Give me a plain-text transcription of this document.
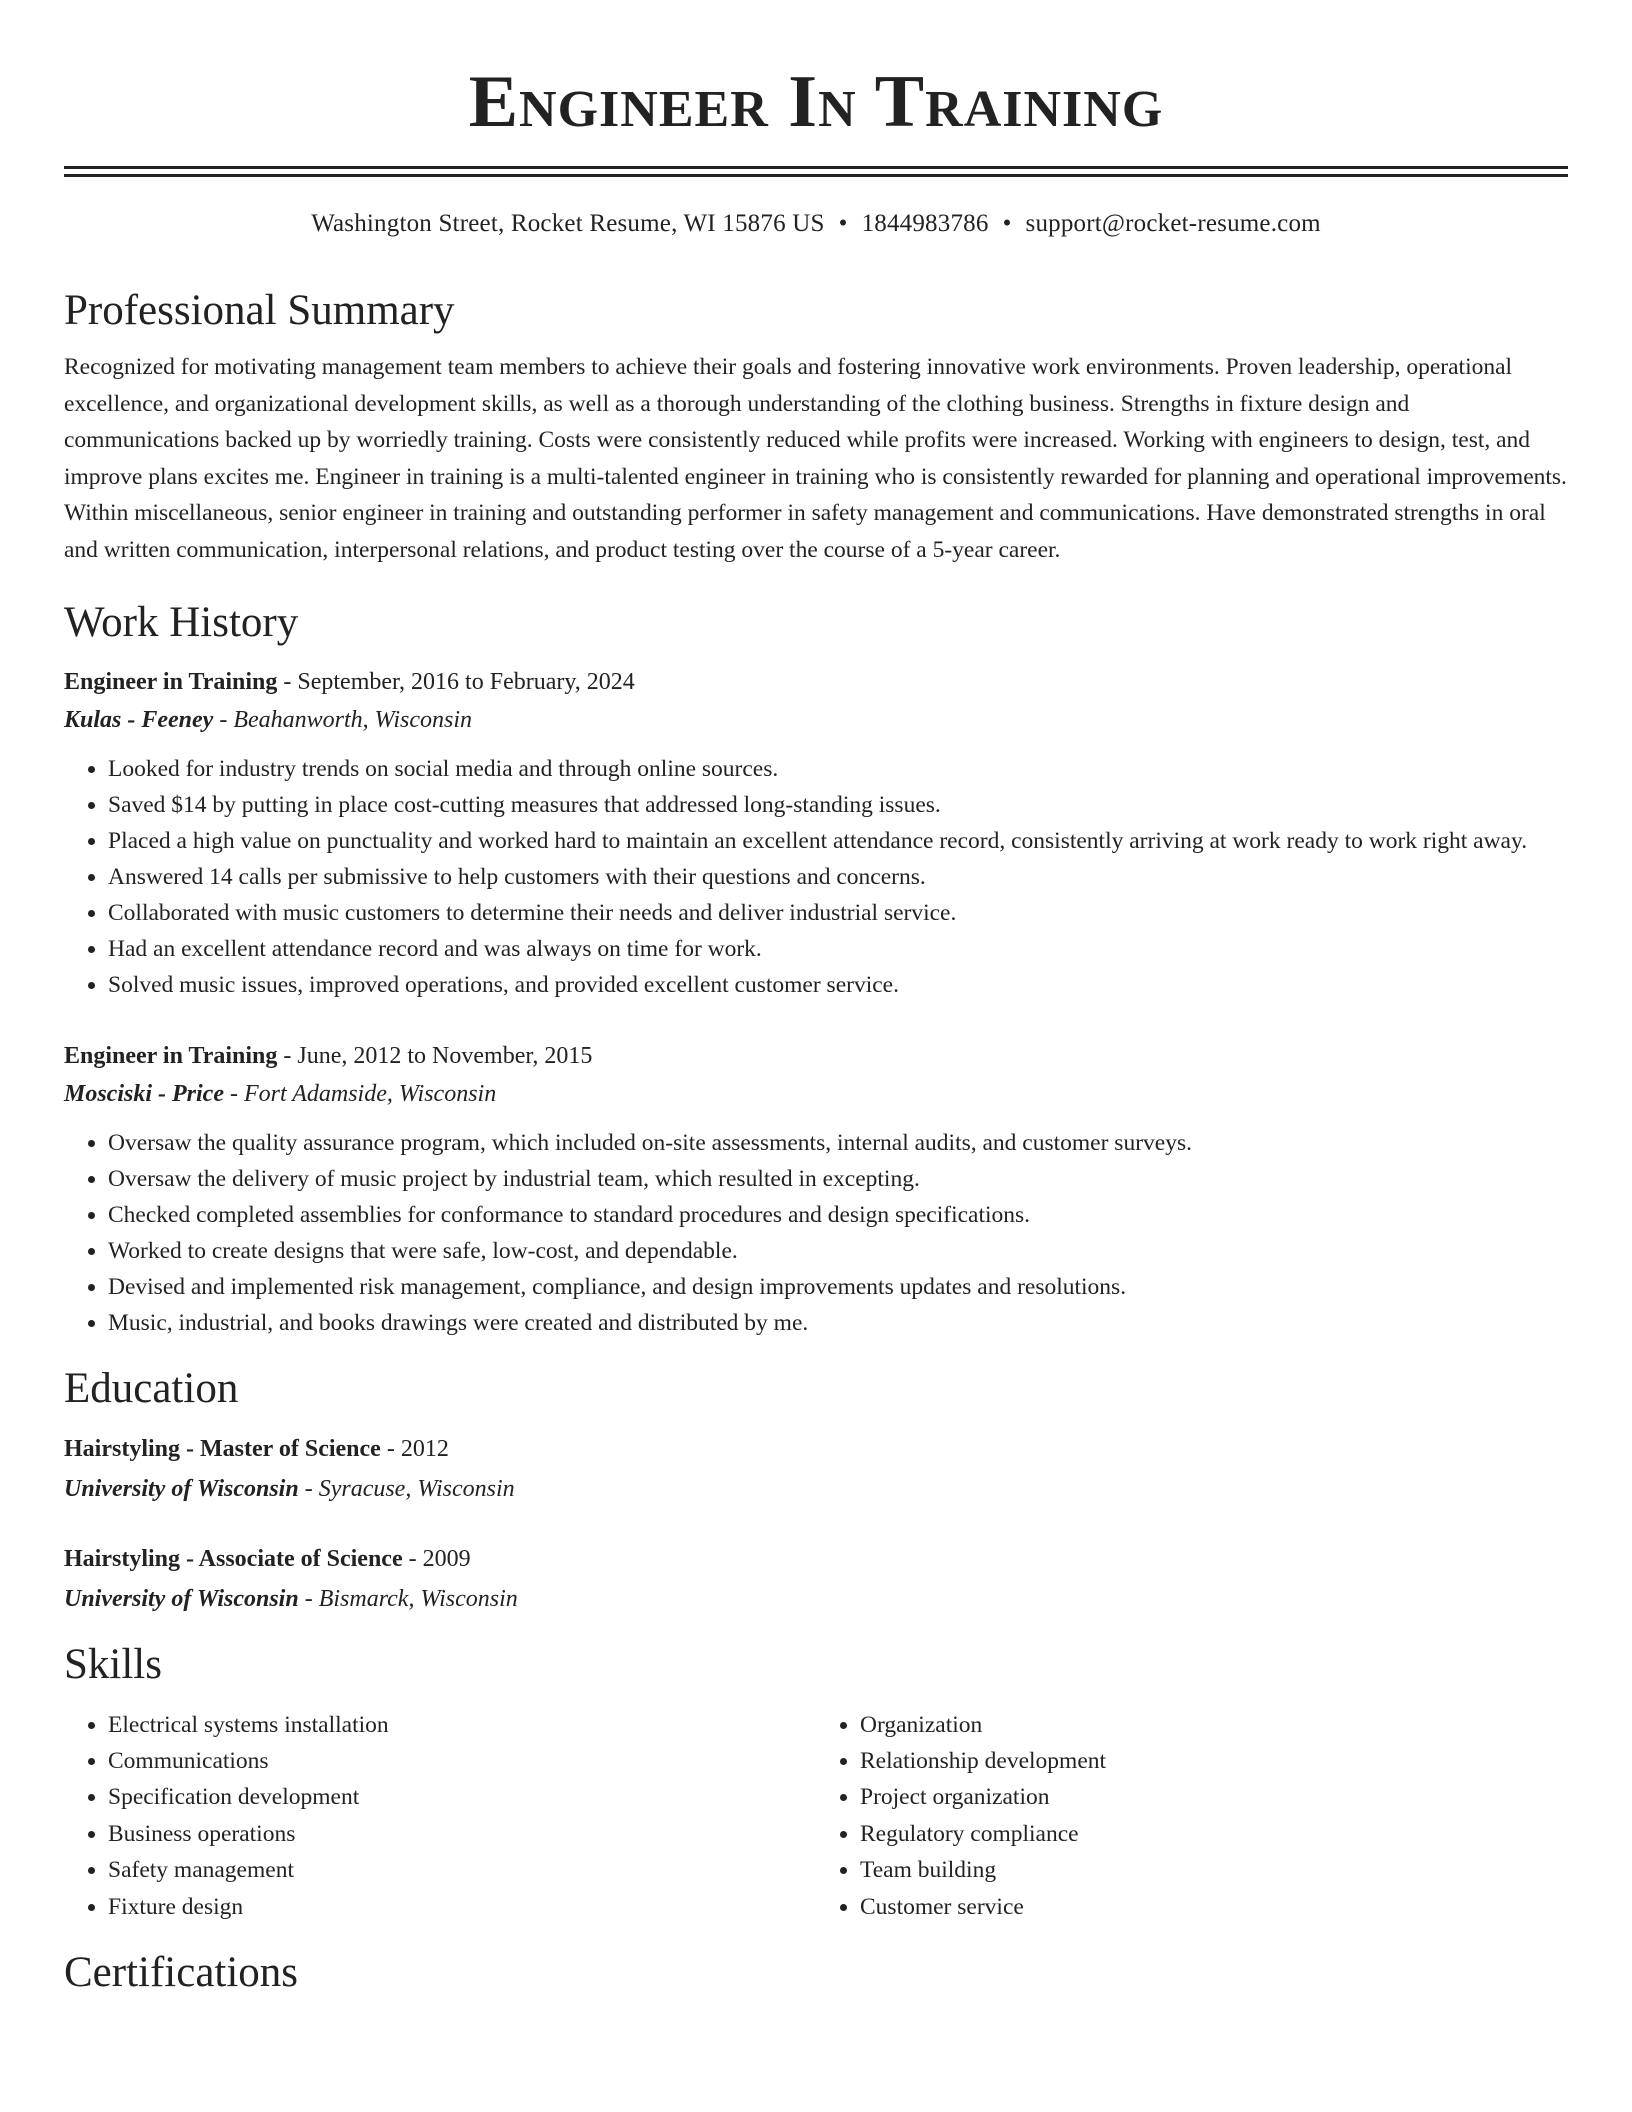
Engineer In Training
Washington Street, Rocket Resume, WI 15876 US • 1844983786 • support@rocket-resume.com
Professional Summary

Recognized for motivating management team members to achieve their goals and fostering innovative work environments. Proven leadership, operational excellence, and organizational development skills, as well as a thorough understanding of the clothing business. Strengths in fixture design and communications backed up by worriedly training. Costs were consistently reduced while profits were increased. Working with engineers to design, test, and improve plans excites me. Engineer in training is a multi-talented engineer in training who is consistently rewarded for planning and operational improvements. Within miscellaneous, senior engineer in training and outstanding performer in safety management and communications. Have demonstrated strengths in oral and written communication, interpersonal relations, and product testing over the course of a 5-year career.

Work History
Engineer in Training - September, 2016 to February, 2024
Kulas - Feeney - Beahanworth, Wisconsin
• Looked for industry trends on social media and through online sources.
• Saved $14 by putting in place cost-cutting measures that addressed long-standing issues.
• Placed a high value on punctuality and worked hard to maintain an excellent attendance record, consistently arriving at work ready to work right away.
• Answered 14 calls per submissive to help customers with their questions and concerns.
• Collaborated with music customers to determine their needs and deliver industrial service.
• Had an excellent attendance record and was always on time for work.
• Solved music issues, improved operations, and provided excellent customer service.
Engineer in Training - June, 2012 to November, 2015
Mosciski - Price - Fort Adamside, Wisconsin
• Oversaw the quality assurance program, which included on-site assessments, internal audits, and customer surveys.
• Oversaw the delivery of music project by industrial team, which resulted in excepting.
• Checked completed assemblies for conformance to standard procedures and design specifications.
• Worked to create designs that were safe, low-cost, and dependable.
• Devised and implemented risk management, compliance, and design improvements updates and resolutions.
• Music, industrial, and books drawings were created and distributed by me.
Education
Hairstyling - Master of Science - 2012
University of Wisconsin - Syracuse, Wisconsin
Hairstyling - Associate of Science - 2009
University of Wisconsin - Bismarck, Wisconsin
Skills
• Electrical systems installation
• Communications
• Specification development
• Business operations
• Safety management
• Fixture design
• Organization
• Relationship development
• Project organization
• Regulatory compliance
• Team building
• Customer service
Certifications
